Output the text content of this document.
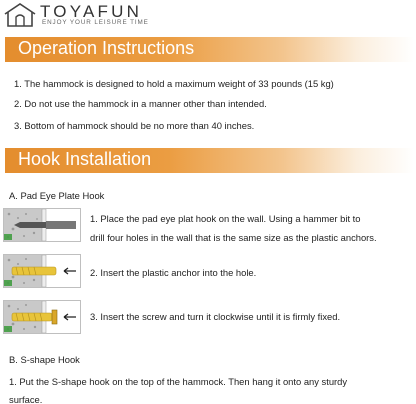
TOYAFUN
ENJOY YOUR LEISURE TIME
Operation Instructions
1. The hammock is designed to hold a maximum weight of 33 pounds (15 kg)
2. Do not use the hammock in a manner other than intended.
3. Bottom of hammock should be no more than 40 inches.
Hook Installation
A. Pad Eye Plate Hook
1. Place the pad eye plat hook on the wall. Using a hammer bit to
drill four holes in the wall that is the same size as the plastic anchors.
2. Insert the plastic anchor into the hole.
3. Insert the screw and turn it clockwise until it is firmly fixed.
B. S-shape Hook
1. Put the S-shape hook on the top of the hammock. Then hang it onto any sturdy
surface.
